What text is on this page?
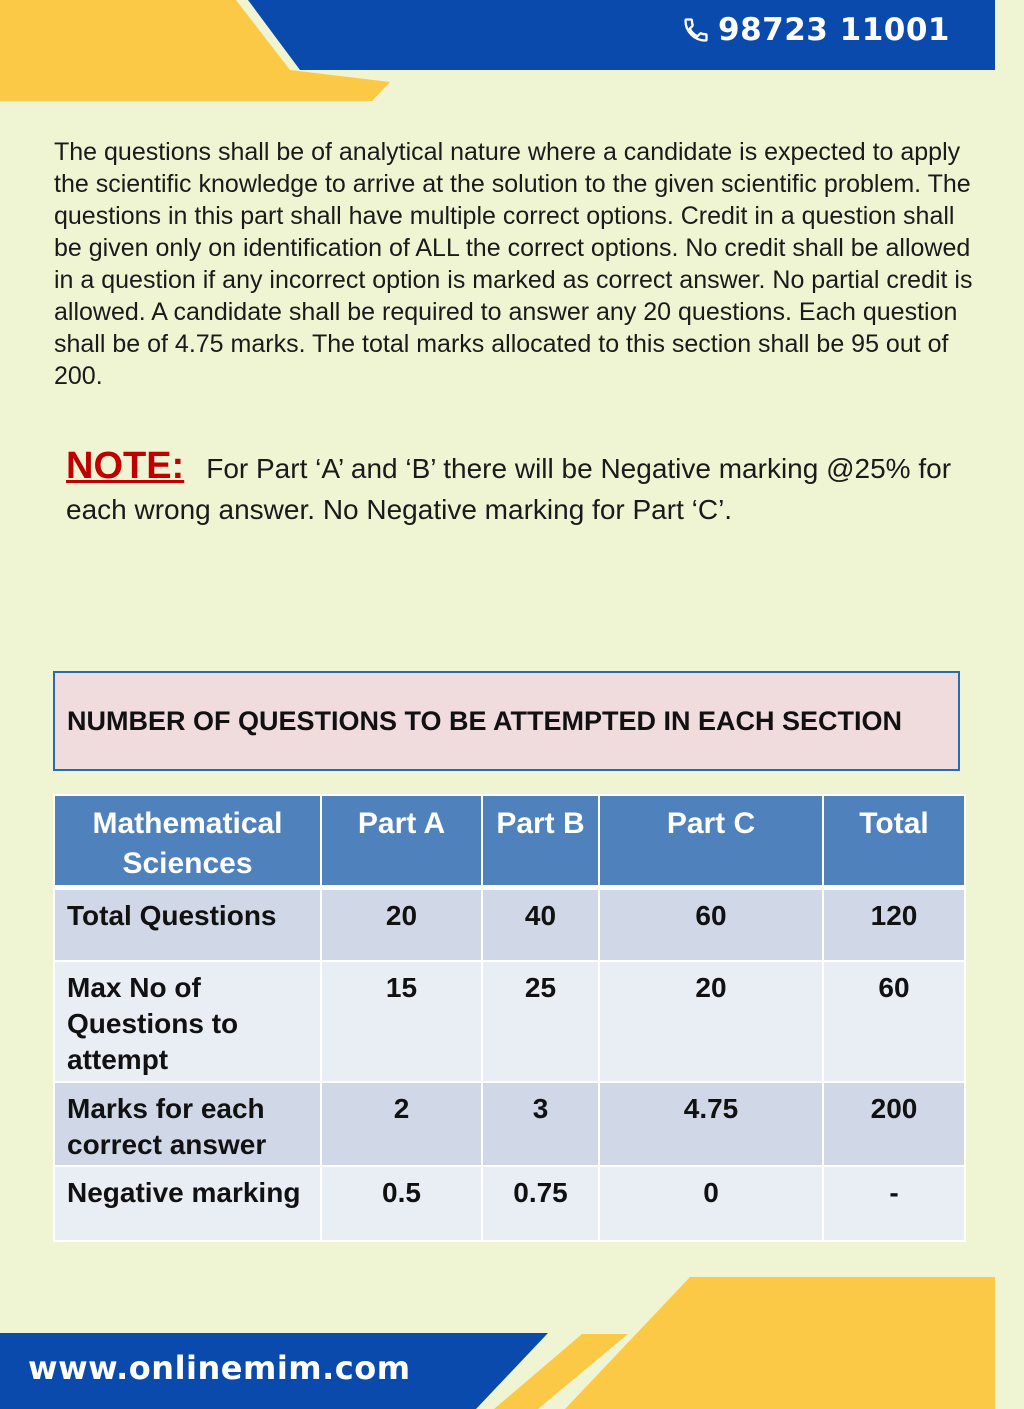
98723 11001

The questions shall be of analytical nature where a candidate is expected to apply the scientific knowledge to arrive at the solution to the given scientific problem. The questions in this part shall have multiple correct options. Credit in a question shall be given only on identification of ALL the correct options. No credit shall be allowed in a question if any incorrect option is marked as correct answer. No partial credit is allowed. A candidate shall be required to answer any 20 questions. Each question shall be of 4.75 marks. The total marks allocated to this section shall be 95 out of 200.

NOTE: For Part ‘A’ and ‘B’ there will be Negative marking @25% for each wrong answer. No Negative marking for Part ‘C’.

NUMBER OF QUESTIONS TO BE ATTEMPTED IN EACH SECTION
Mathematical Sciences	Part A	Part B	Part C	Total
Total Questions	20	40	60	120
Max No of Questions to attempt	15	25	20	60
Marks for each correct answer	2	3	4.75	200
Negative marking	0.5	0.75	0	-
www.onlinemim.com
